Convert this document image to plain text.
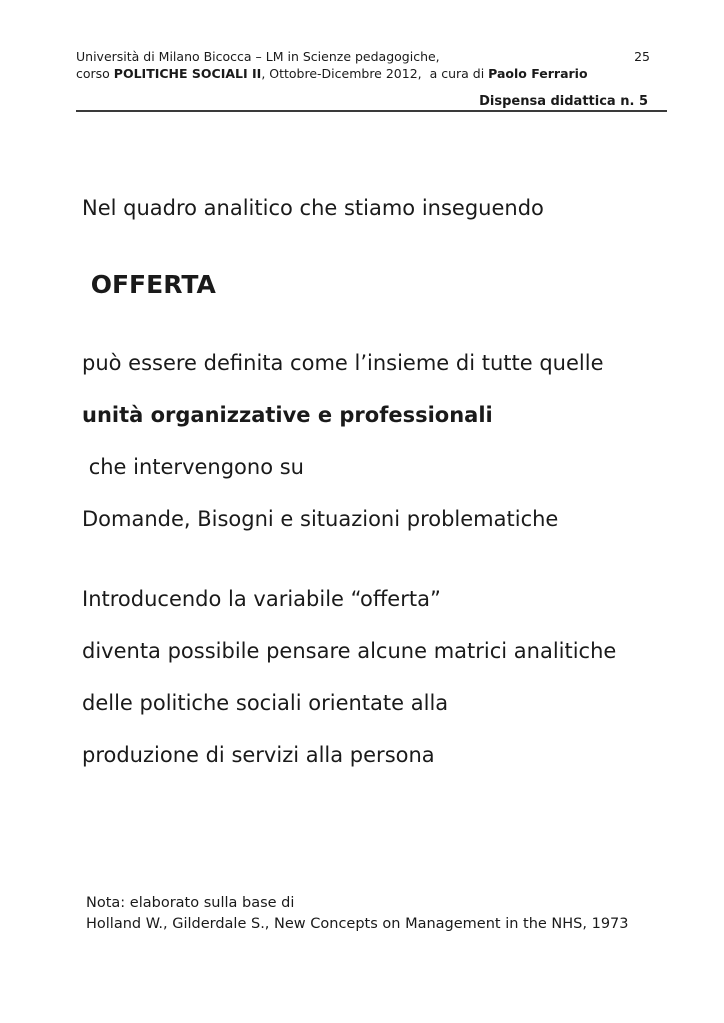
Università di Milano Bicocca – LM in Scienze pedagogiche,	25
corso POLITICHE SOCIALI II, Ottobre-Dicembre 2012,  a cura di Paolo Ferrario
Dispensa didattica n. 5

Nel quadro analitico che stiamo inseguendo

OFFERTA

può essere definita come l’insieme di tutte quelle

unità organizzative e professionali

che intervengono su

Domande, Bisogni e situazioni problematiche

Introducendo la variabile “offerta”

diventa possibile pensare alcune matrici analitiche

delle politiche sociali orientate alla

produzione di servizi alla persona

Nota: elaborato sulla base di

Holland W., Gilderdale S., New Concepts on Management in the NHS, 1973
